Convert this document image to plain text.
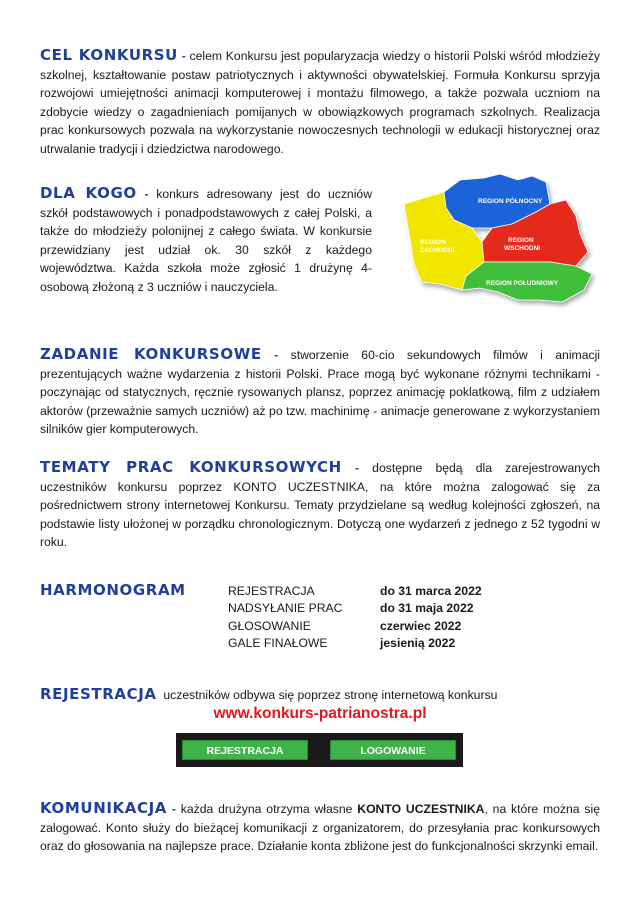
CEL KONKURSU - celem Konkursu jest popularyzacja wiedzy o historii Polski wśród młodzieży szkolnej, kształtowanie postaw patriotycznych i aktywności obywatelskiej. Formuła Konkursu sprzyja rozwojowi umiejętności animacji komputerowej i montażu filmowego, a także pozwala uczniom na zdobycie wiedzy o zagadnieniach pomijanych w obowiązkowych programach szkolnych. Realizacja prac konkursowych pozwala na wykorzystanie nowoczesnych technologii w edukacji historycznej oraz utrwalanie tradycji i dziedzictwa narodowego.
DLA KOGO - konkurs adresowany jest do uczniów szkół podstawowych i ponadpodstawowych z całej Polski, a także do młodzieży polonijnej z całego świata. W konkursie przewidziany jest udział ok. 30 szkół z każdego województwa. Każda szkoła może zgłosić 1 drużynę 4-osobową złożoną z 3 uczniów i nauczyciela.
REGION PÓŁNOCNY
REGION
ZACHODNI
REGION
WSCHODNI
REGION POŁUDNIOWY
ZADANIE KONKURSOWE - stworzenie 60-cio sekundowych filmów i animacji prezentujących ważne wydarzenia z historii Polski. Prace mogą być wykonane różnymi technikami - poczynając od statycznych, ręcznie rysowanych plansz, poprzez animację poklatkową, film z udziałem aktorów (przeważnie samych uczniów) aż po tzw. machinimę - animacje generowane z wykorzystaniem silników gier komputerowych.
TEMATY PRAC KONKURSOWYCH - dostępne będą dla zarejestrowanych uczestników konkursu poprzez KONTO UCZESTNIKA, na które można zalogować się za pośrednictwem strony internetowej Konkursu. Tematy przydzielane są według kolejności zgłoszeń, na podstawie listy ułożonej w porządku chronologicznym. Dotyczą one wydarzeń z jednego z 52 tygodni w roku.
HARMONOGRAM	REJESTRACJA	do 31 marca 2022
NADSYŁANIE PRAC	do 31 maja 2022
GŁOSOWANIE	czerwiec 2022
GALE FINAŁOWE	jesienią 2022
REJESTRACJA uczestników odbywa się poprzez stronę internetową konkursu
www.konkurs-patrianostra.pl
REJESTRACJA	LOGOWANIE
KOMUNIKACJA - każda drużyna otrzyma własne KONTO UCZESTNIKA, na które można się zalogować. Konto służy do bieżącej komunikacji z organizatorem, do przesyłania prac konkursowych oraz do głosowania na najlepsze prace. Działanie konta zbliżone jest do funkcjonalności skrzynki email.
